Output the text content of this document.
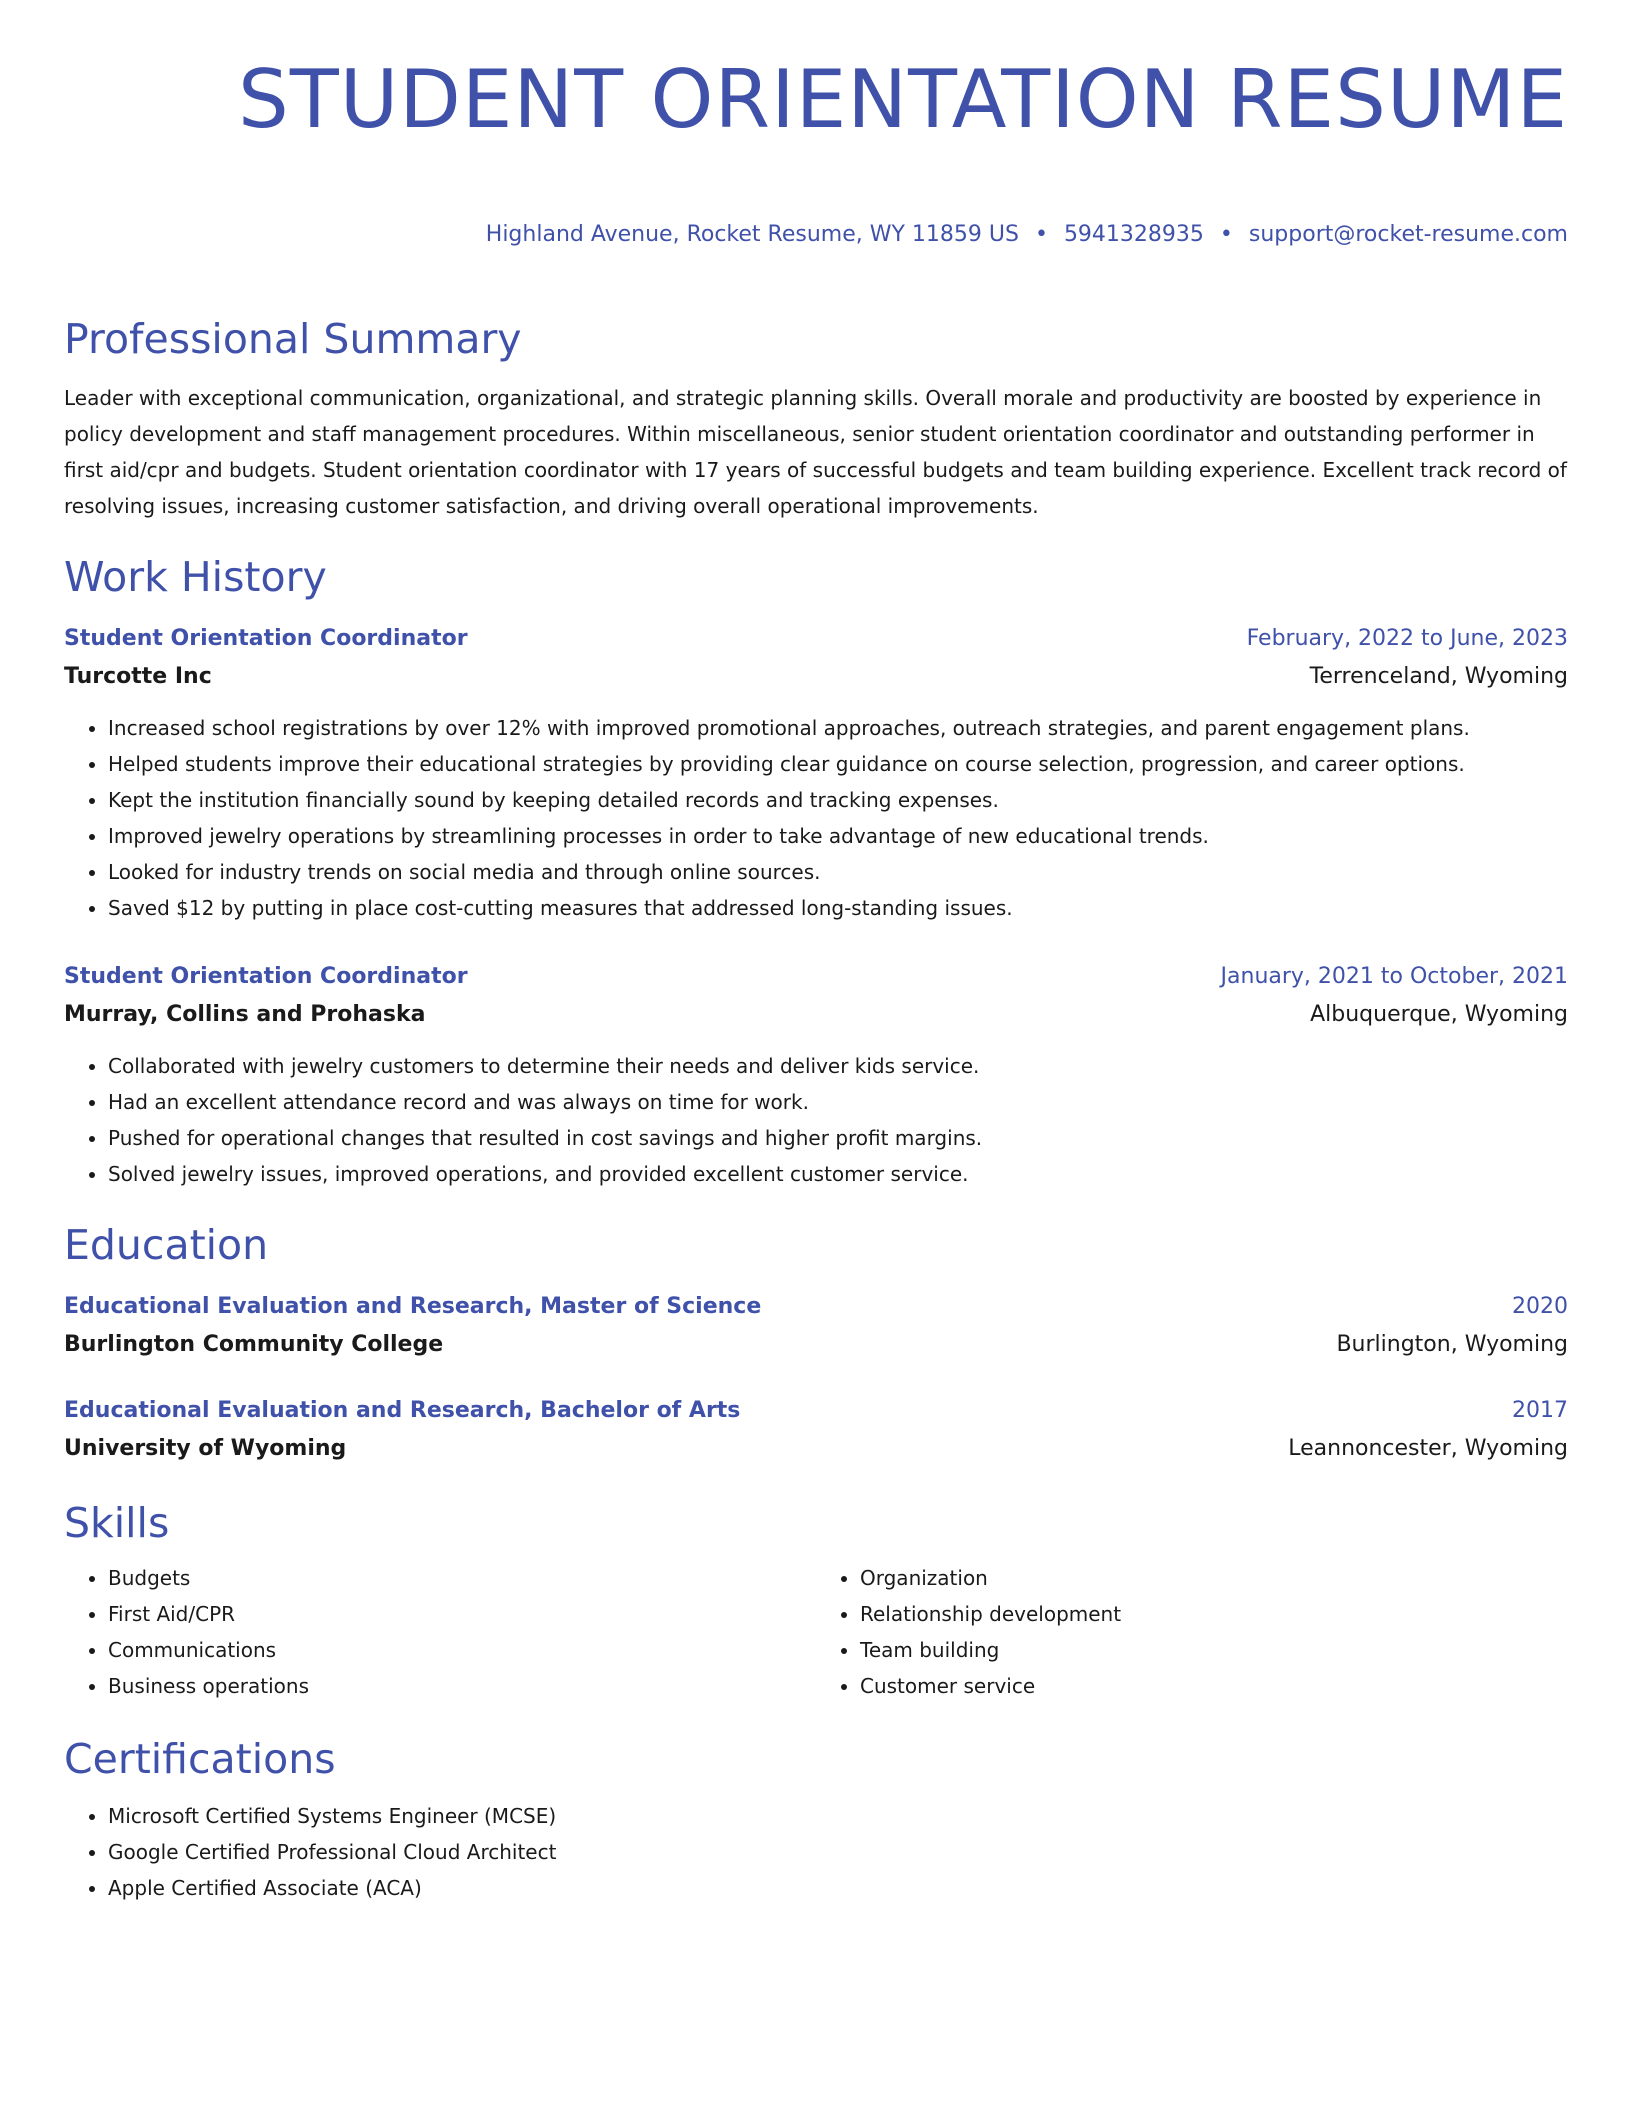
STUDENT ORIENTATION RESUME
Highland Avenue, Rocket Resume, WY 11859 US • 5941328935 • support@rocket-resume.com
Professional Summary
Leader with exceptional communication, organizational, and strategic planning skills. Overall morale and productivity are boosted by experience in policy development and staff management procedures. Within miscellaneous, senior student orientation coordinator and outstanding performer in first aid/cpr and budgets. Student orientation coordinator with 17 years of successful budgets and team building experience. Excellent track record of resolving issues, increasing customer satisfaction, and driving overall operational improvements.
Work History
Student Orientation Coordinator	February, 2022 to June, 2023
Turcotte Inc	Terrenceland, Wyoming
• Increased school registrations by over 12% with improved promotional approaches, outreach strategies, and parent engagement plans.
• Helped students improve their educational strategies by providing clear guidance on course selection, progression, and career options.
• Kept the institution financially sound by keeping detailed records and tracking expenses.
• Improved jewelry operations by streamlining processes in order to take advantage of new educational trends.
• Looked for industry trends on social media and through online sources.
• Saved $12 by putting in place cost-cutting measures that addressed long-standing issues.
Student Orientation Coordinator	January, 2021 to October, 2021
Murray, Collins and Prohaska	Albuquerque, Wyoming
• Collaborated with jewelry customers to determine their needs and deliver kids service.
• Had an excellent attendance record and was always on time for work.
• Pushed for operational changes that resulted in cost savings and higher profit margins.
• Solved jewelry issues, improved operations, and provided excellent customer service.
Education
Educational Evaluation and Research, Master of Science	2020
Burlington Community College	Burlington, Wyoming
Educational Evaluation and Research, Bachelor of Arts	2017
University of Wyoming	Leannoncester, Wyoming
Skills
• Budgets
• First Aid/CPR
• Communications
• Business operations
• Organization
• Relationship development
• Team building
• Customer service
Certifications
• Microsoft Certified Systems Engineer (MCSE)
• Google Certified Professional Cloud Architect
• Apple Certified Associate (ACA)
